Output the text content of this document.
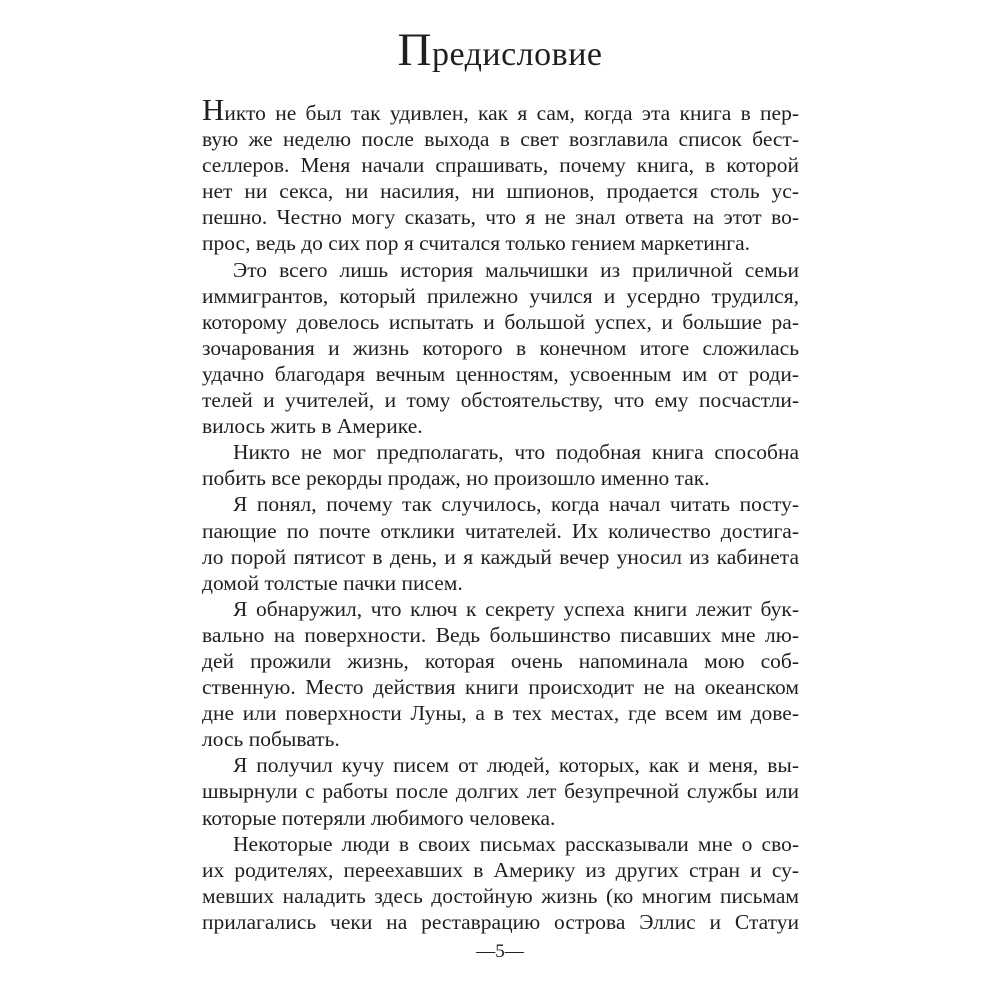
Предисловие
Никто не был так удивлен, как я сам, когда эта книга в пер-
вую же неделю после выхода в свет возглавила список бест-
селлеров. Меня начали спрашивать, почему книга, в которой
нет ни секса, ни насилия, ни шпионов, продается столь ус-
пешно. Честно могу сказать, что я не знал ответа на этот во-
прос, ведь до сих пор я считался только гением маркетинга.
Это всего лишь история мальчишки из приличной семьи
иммигрантов, который прилежно учился и усердно трудился,
которому довелось испытать и большой успех, и большие ра-
зочарования и жизнь которого в конечном итоге сложилась
удачно благодаря вечным ценностям, усвоенным им от роди-
телей и учителей, и тому обстоятельству, что ему посчастли-
вилось жить в Америке.
Никто не мог предполагать, что подобная книга способна
побить все рекорды продаж, но произошло именно так.
Я понял, почему так случилось, когда начал читать посту-
пающие по почте отклики читателей. Их количество достига-
ло порой пятисот в день, и я каждый вечер уносил из кабинета
домой толстые пачки писем.
Я обнаружил, что ключ к секрету успеха книги лежит бук-
вально на поверхности. Ведь большинство писавших мне лю-
дей прожили жизнь, которая очень напоминала мою соб-
ственную. Место действия книги происходит не на океанском
дне или поверхности Луны, а в тех местах, где всем им дове-
лось побывать.
Я получил кучу писем от людей, которых, как и меня, вы-
швырнули с работы после долгих лет безупречной службы или
которые потеряли любимого человека.
Некоторые люди в своих письмах рассказывали мне о сво-
их родителях, переехавших в Америку из других стран и су-
мевших наладить здесь достойную жизнь (ко многим письмам
прилагались чеки на реставрацию острова Эллис и Статуи
—5—
